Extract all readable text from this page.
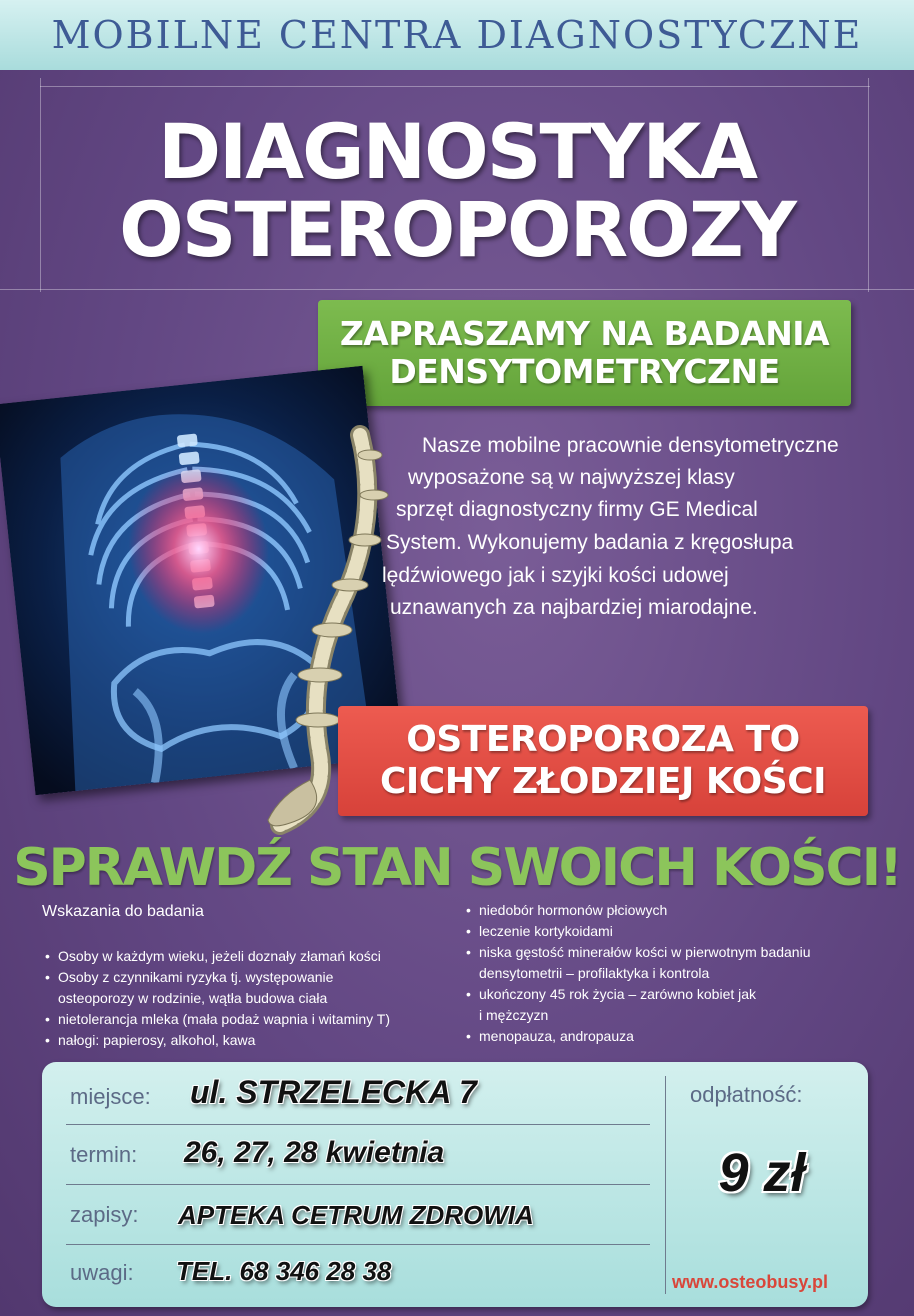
MOBILNE CENTRA DIAGNOSTYCZNE
DIAGNOSTYKA
OSTEROPOROZY
ZAPRASZAMY NA BADANIA
DENSYTOMETRYCZNE
Nasze mobilne pracownie densytometryczne
wyposażone są w najwyższej klasy
sprzęt diagnostyczny firmy GE Medical
System. Wykonujemy badania z kręgosłupa
lędźwiowego jak i szyjki kości udowej
uznawanych za najbardziej miarodajne.
OSTEROPOROZA TO
CICHY ZŁODZIEJ KOŚCI
SPRAWDŹ STAN SWOICH KOŚCI!
Wskazania do badania
• Osoby w każdym wieku, jeżeli doznały złamań kości
• Osoby z czynnikami ryzyka tj. występowanie
osteoporozy w rodzinie, wątła budowa ciała
• nietolerancja mleka (mała podaż wapnia i witaminy T)
• nałogi: papierosy, alkohol, kawa
• niedobór hormonów płciowych
• leczenie kortykoidami
• niska gęstość minerałów kości w pierwotnym badaniu
densytometrii – profilaktyka i kontrola
• ukończony 45 rok życia – zarówno kobiet jak
i mężczyzn
• menopauza, andropauza
miejsce: ul. STRZELECKA 7
termin: 26, 27, 28 kwietnia
zapisy: APTEKA CETRUM ZDROWIA
uwagi: TEL. 68 346 28 38
odpłatność:
9 zł
www.osteobusy.pl
